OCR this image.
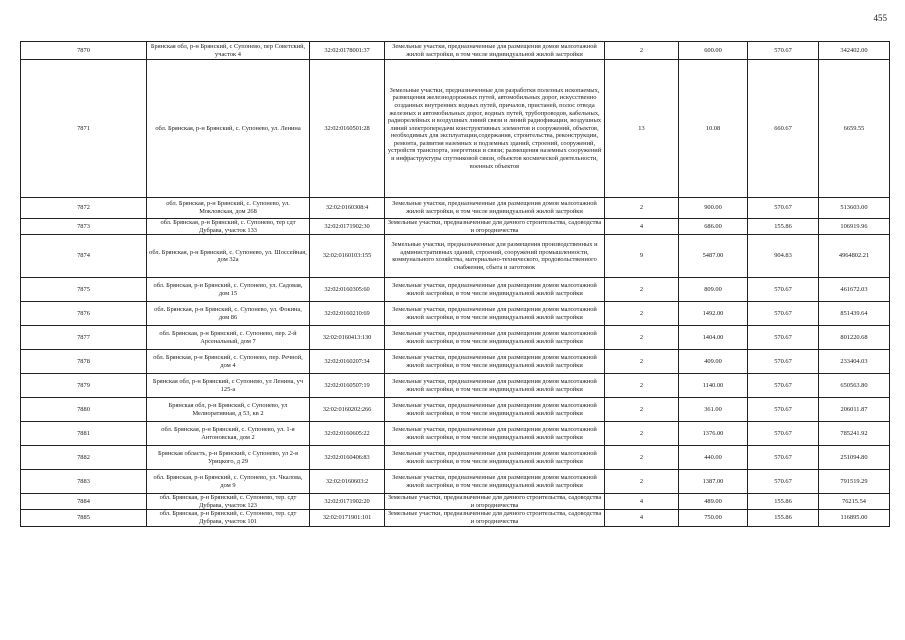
455
7870	Брянская обл, р-н Брянский, с Супонево, пер Советский, участок 4	32:02:0178001:37	Земельные участки, предназначенные для размещения домов малоэтажной жилой застройки, в том числе индивидуальной жилой застройки	2	600.00	570.67	342402.00
7871	обл. Брянская, р-н Брянский, с. Супонево, ул. Ленина	32:02:0160501:28	Земельные участки, предназначенные для разработки полезных ископаемых, размещения железнодорожных путей, автомобильных дорог, искусственно созданных внутренних водных путей, причалов, пристаней, полос отвода железных и автомобильных дорог, водных путей, трубопроводов, кабельных, радиорелейных и воздушных линий связи и линий радиофикации, воздушных линий электропередачи конструктивных элементов и сооружений, объектов, необходимых для эксплуатации,содержания, строительства, реконструкции, ремонта, развития наземных и подземных зданий, строений, сооружений, устройств транспорта, энергетики и связи; размещения наземных сооружений и инфраструктуры спутниковой связи, объектов космической деятельности, военных объектов	13	10.08	660.67	6659.55
7872	обл. Брянская, р-н Брянский, с. Супонево, ул. Мокловская, дом 268	32:02:0160308:4	Земельные участки, предназначенные для размещения домов малоэтажной жилой застройки, в том числе индивидуальной жилой застройки	2	900.00	570.67	513603.00
7873	обл. Брянская, р-н Брянский, с. Супонево, тер сдт Дубрава, участок 133	32:02:0171902:30	Земельные участки, предназначенные для дачного строительства, садоводства и огородничества	4	686.00	155.86	106919.96
7874	обл. Брянская, р-н Брянский, с. Супонево, ул. Шоссейная, дом 32а	32:02:0160103:155	Земельные участки, предназначенные для размещения производственных и административных зданий, строений, сооружений промышленности, коммунального хозяйства, материально-технического, продовольственного снабжения, сбыта и заготовок	9	5487.00	904.83	4964802.21
7875	обл. Брянская, р-н Брянский, с. Супонево, ул. Садовая, дом 15	32:02:0160305:60	Земельные участки, предназначенные для размещения домов малоэтажной жилой застройки, в том числе индивидуальной жилой застройки	2	809.00	570.67	461672.03
7876	обл. Брянская, р-н Брянский, с. Супонево, ул. Фокина, дом 86	32:02:0160210:69	Земельные участки, предназначенные для размещения домов малоэтажной жилой застройки, в том числе индивидуальной жилой застройки	2	1492.00	570.67	851439.64
7877	обл. Брянская, р-н Брянский, с. Супонево, пер. 2-й Арсенальный, дом 7	32:02:0160413:130	Земельные участки, предназначенные для размещения домов малоэтажной жилой застройки, в том числе индивидуальной жилой застройки	2	1404.00	570.67	801220.68
7878	обл. Брянская, р-н Брянский, с. Супонево, пер. Речной, дом 4	32:02:0160207:34	Земельные участки, предназначенные для размещения домов малоэтажной жилой застройки, в том числе индивидуальной жилой застройки	2	409.00	570.67	233404.03
7879	Брянская обл, р-н Брянский, с Супонево, ул Ленина, уч 125-а	32:02:0160507:19	Земельные участки, предназначенные для размещения домов малоэтажной жилой застройки, в том числе индивидуальной жилой застройки	2	1140.00	570.67	650563.80
7880	Брянская обл, р-н Брянский, с Супонево, ул Мелиоративная, д 53, кв 2	32:02:0160202:266	Земельные участки, предназначенные для размещения домов малоэтажной жилой застройки, в том числе индивидуальной жилой застройки	2	361.00	570.67	206011.87
7881	обл. Брянская, р-н Брянский, с. Супонево, ул. 1-я Антоновская, дом 2	32:02:0160605:22	Земельные участки, предназначенные для размещения домов малоэтажной жилой застройки, в том числе индивидуальной жилой застройки	2	1376.00	570.67	785241.92
7882	Брянская область, р-н Брянский, с Супонево, ул 2-я Урицкого, д 29	32:02:0160406:83	Земельные участки, предназначенные для размещения домов малоэтажной жилой застройки, в том числе индивидуальной жилой застройки	2	440.00	570.67	251094.80
7883	обл. Брянская, р-н Брянский, с. Супонево, ул. Чкалова, дом 9	32:02:0160603:2	Земельные участки, предназначенные для размещения домов малоэтажной жилой застройки, в том числе индивидуальной жилой застройки	2	1387.00	570.67	791519.29
7884	обл. Брянская, р-н Брянский, с. Супонево, тер. сдт Дубрава, участок 123	32:02:0171902:20	Земельные участки, предназначенные для дачного строительства, садоводства и огородничества	4	489.00	155.86	76215.54
7885	обл. Брянская, р-н Брянский, с. Супонево, тер. сдт Дубрава, участок 101	32:02:0171901:101	Земельные участки, предназначенные для дачного строительства, садоводства и огородничества	4	750.00	155.86	116895.00
